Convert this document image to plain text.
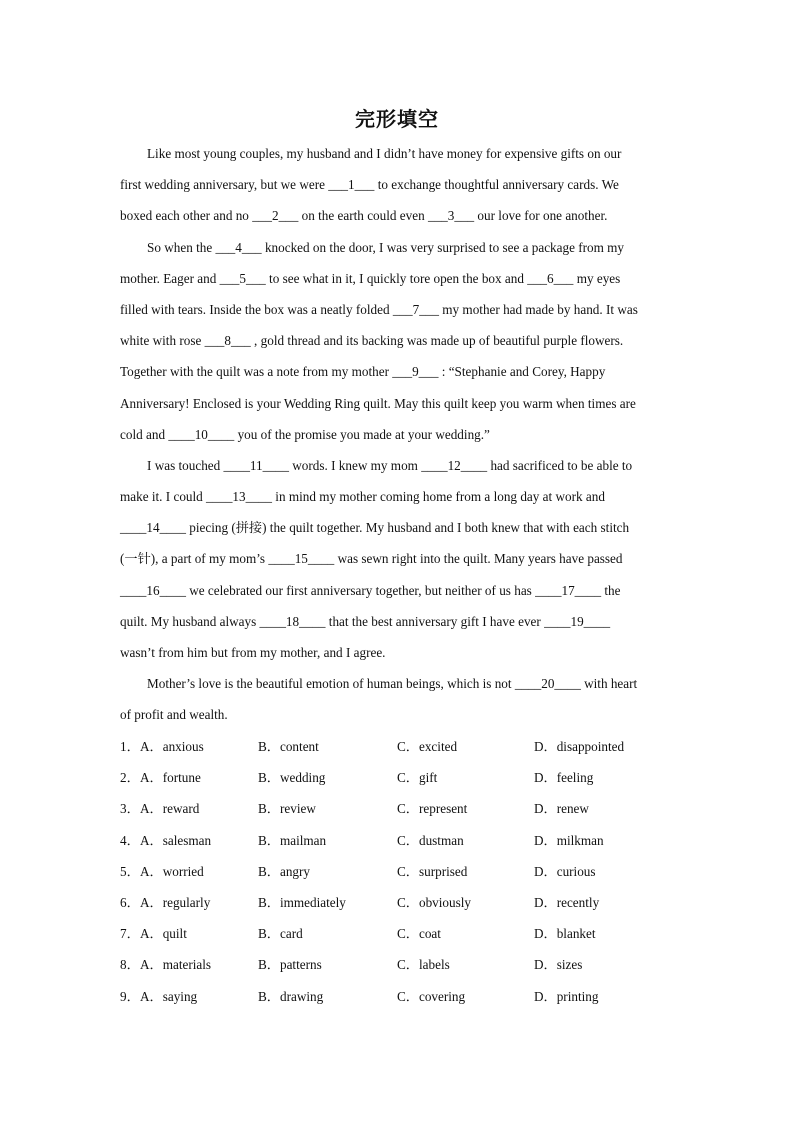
完形填空
Like most young couples, my husband and I didn’t have money for expensive gifts on our
first wedding anniversary, but we were ___1___ to exchange thoughtful anniversary cards. We
boxed each other and no ___2___ on the earth could even ___3___ our love for one another.
So when the ___4___ knocked on the door, I was very surprised to see a package from my
mother. Eager and ___5___ to see what in it, I quickly tore open the box and ___6___ my eyes
filled with tears. Inside the box was a neatly folded ___7___ my mother had made by hand. It was
white with rose ___8___ , gold thread and its backing was made up of beautiful purple flowers.
Together with the quilt was a note from my mother ___9___ : “Stephanie and Corey, Happy
Anniversary! Enclosed is your Wedding Ring quilt. May this quilt keep you warm when times are
cold and ____10____ you of the promise you made at your wedding.”
I was touched ____11____ words. I knew my mom ____12____ had sacrificed to be able to
make it. I could ____13____ in mind my mother coming home from a long day at work and
____14____ piecing (拼接) the quilt together. My husband and I both knew that with each stitch
(一针), a part of my mom’s ____15____ was sewn right into the quilt. Many years have passed
____16____ we celebrated our first anniversary together, but neither of us has ____17____ the
quilt. My husband always ____18____ that the best anniversary gift I have ever ____19____
wasn’t from him but from my mother, and I agree.
Mother’s love is the beautiful emotion of human beings, which is not ____20____ with heart
of profit and wealth.
1． A．anxious	B．content	C．excited	D．disappointed
2． A．fortune	B．wedding	C．gift	D．feeling
3． A．reward	B．review	C．represent	D．renew
4． A．salesman	B．mailman	C．dustman	D．milkman
5． A．worried	B．angry	C．surprised	D．curious
6． A．regularly	B．immediately	C．obviously	D．recently
7． A．quilt	B．card	C．coat	D．blanket
8． A．materials	B．patterns	C．labels	D．sizes
9． A．saying	B．drawing	C．covering	D．printing
